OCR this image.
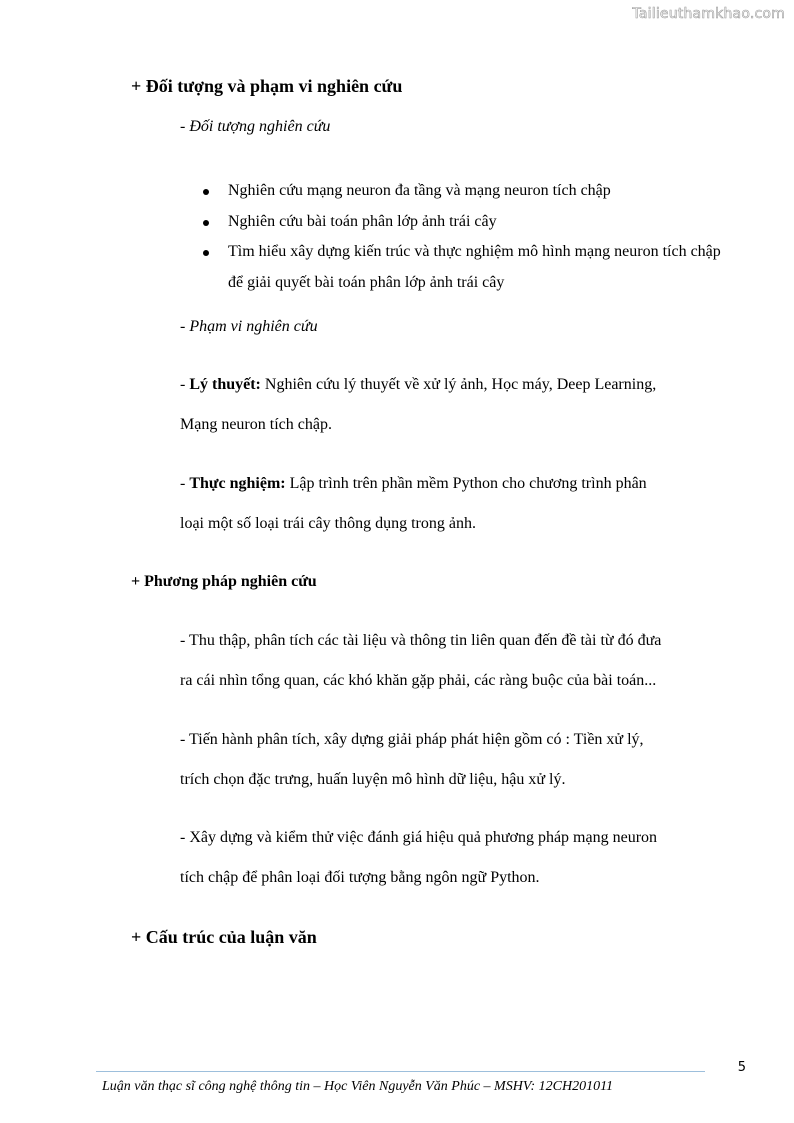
Tailieuthamkhao.com
+ Đối tượng và phạm vi nghiên cứu
- Đối tượng nghiên cứu
Nghiên cứu mạng neuron đa tầng và mạng neuron tích chập
Nghiên cứu bài toán phân lớp ảnh trái cây
Tìm hiểu xây dựng kiến trúc và thực nghiệm mô hình mạng neuron tích chập để giải quyết bài toán phân lớp ảnh trái cây
- Phạm vi nghiên cứu
- Lý thuyết: Nghiên cứu lý thuyết về xử lý ảnh, Học máy, Deep Learning,
Mạng neuron tích chập.
- Thực nghiệm: Lập trình trên phần mềm Python cho chương trình phân
loại một số loại trái cây thông dụng trong ảnh.
+ Phương pháp nghiên cứu
- Thu thập, phân tích các tài liệu và thông tin liên quan đến đề tài từ đó đưa
ra cái nhìn tổng quan, các khó khăn gặp phải, các ràng buộc của bài toán...
- Tiến hành phân tích, xây dựng giải pháp phát hiện gồm có : Tiền xử lý,
trích chọn đặc trưng, huấn luyện mô hình dữ liệu, hậu xử lý.
- Xây dựng và kiểm thử việc đánh giá hiệu quả phương pháp mạng neuron
tích chập để phân loại đối tượng bằng ngôn ngữ Python.
+ Cấu trúc của luận văn
5
Luận văn thạc sĩ công nghệ thông tin – Học Viên Nguyễn Văn Phúc – MSHV: 12CH201011
